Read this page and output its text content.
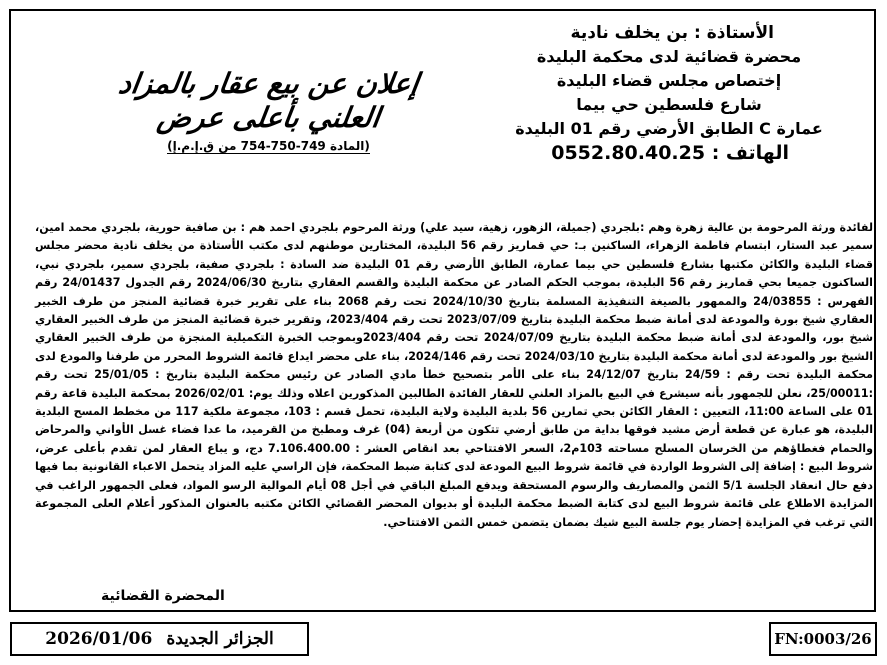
الأستاذة : بن يخلف نادية
محضرة قضائية لدى محكمة البليدة
إختصاص مجلس قضاء البليدة
شارع فلسطين حي بيما
عمارة C الطابق الأرضي رقم 01 البليدة
الهاتف : 0552.80.40.25
إعلان عن بيع عقار بالمزاد
العلني بأعلى عرض
(المادة 749-750-754 من ق.إ.م.إ)
لفائدة ورثة المرحومة بن عالية زهرة وهم :بلجردي (جميلة، الزهور، زهية، سيد علي) ورثة المرحوم بلجردي احمد هم : بن صافية حورية، بلجردي محمد امين، سمير عبد الستار، ابتسام فاطمة الزهراء، الساكنين بـ: حي قماريز رقم 56 البليدة، المختارين موطنهم لدى مكتب الأستاذة من يخلف نادية محضر مجلس قضاء البليدة والكائن مكتبها بشارع فلسطين حي بيما عمارة، الطابق الأرضي رقم 01 البليدة ضد السادة : بلجردي صفية، بلجردي سمير، بلجردي نبي، الساكنون جميعا بحي قماريز رقم 56 البليدة، بموجب الحكم الصادر عن محكمة البليدة والقسم العقاري بتاريخ 2024/06/30 رقم الجدول 24/01437 رقم الفهرس : 24/03855 والممهور بالصيغة التنفيذية المسلمة بتاريخ 2024/10/30 تحت رقم 2068 بناء على تقرير خبرة قضائية المنجز من طرف الخبير العقاري شيخ بورة والمودعة لدى أمانة ضبط محكمة البليدة بتاريخ 2023/07/09 تحت رقم 2023/404، وتقرير خبرة قضائية المنجز من طرف الخبير العقاري شيخ بور، والمودعة لدى أمانة ضبط محكمة البليدة بتاريخ 2024/07/09 تحت رقم 2023/404وبموجب الخبرة التكميلية المنجزة من طرف الخبير العقاري الشيخ بور والمودعة لدى أمانة محكمة البليدة بتاريخ 2024/03/10 تحت رقم 2024/146، بناء على محضر ايداع قائمة الشروط المحرر من طرفنا والمودع لدى محكمة البليدة تحت رقم : 24/59 بتاريخ 24/12/07 بناء على الأمر بتصحيح خطأ مادي الصادر عن رئيس محكمة البليدة بتاريخ : 25/01/05 تحت رقم :25/00011، نعلن للجمهور بأنه سيشرع في البيع بالمزاد العلني للعقار الفائدة الطالبين المذكورين اعلاه وذلك يوم: 2026/02/01 بمحكمة البليدة قاعة رقم 01 على الساعة 11:00، التعيين : العقار الكائن بحي تمارين 56 بلدية البليدة ولاية البليدة، تحمل قسم : 103، مجموعة ملكية 117 من مخطط المسح البلدية البليدة، هو عبارة عن قطعة أرض مشيد فوقها بداية من طابق أرضي تتكون من أربعة (04) غرف ومطبخ من القرميد، ما عدا فضاء غسل الأواني والمرحاض والحمام فغطاؤهم من الخرسان المسلح مساحته 103م2، السعر الافتتاحي بعد انقاص العشر : 7.106.400.00 دج، و يباع العقار لمن تقدم بأعلى عرض، شروط البيع : إضافة إلى الشروط الواردة في قائمة شروط البيع المودعة لدى كتابة ضبط المحكمة، فإن الراسي عليه المزاد يتحمل الاعباء القانونية بما فيها دفع حال انعقاد الجلسة 5/1 الثمن والمصاريف والرسوم المستحقة ويدفع المبلغ الباقي في أجل 08 أيام الموالية الرسو المواد، فعلى الجمهور الراغب في المزايدة الاطلاع على قائمة شروط البيع لدى كتابة الضبط محكمة البليدة أو بديوان المحضر القضائي الكائن مكتبه بالعنوان المذكور أعلام العلى المجموعة التي ترغب في المزايدة إحضار يوم جلسة البيع شيك بضمان يتضمن خمس الثمن الافتتاحي.
المحضرة القضائية
2026/01/06 الجزائر الجديدة	FN:0003/26
